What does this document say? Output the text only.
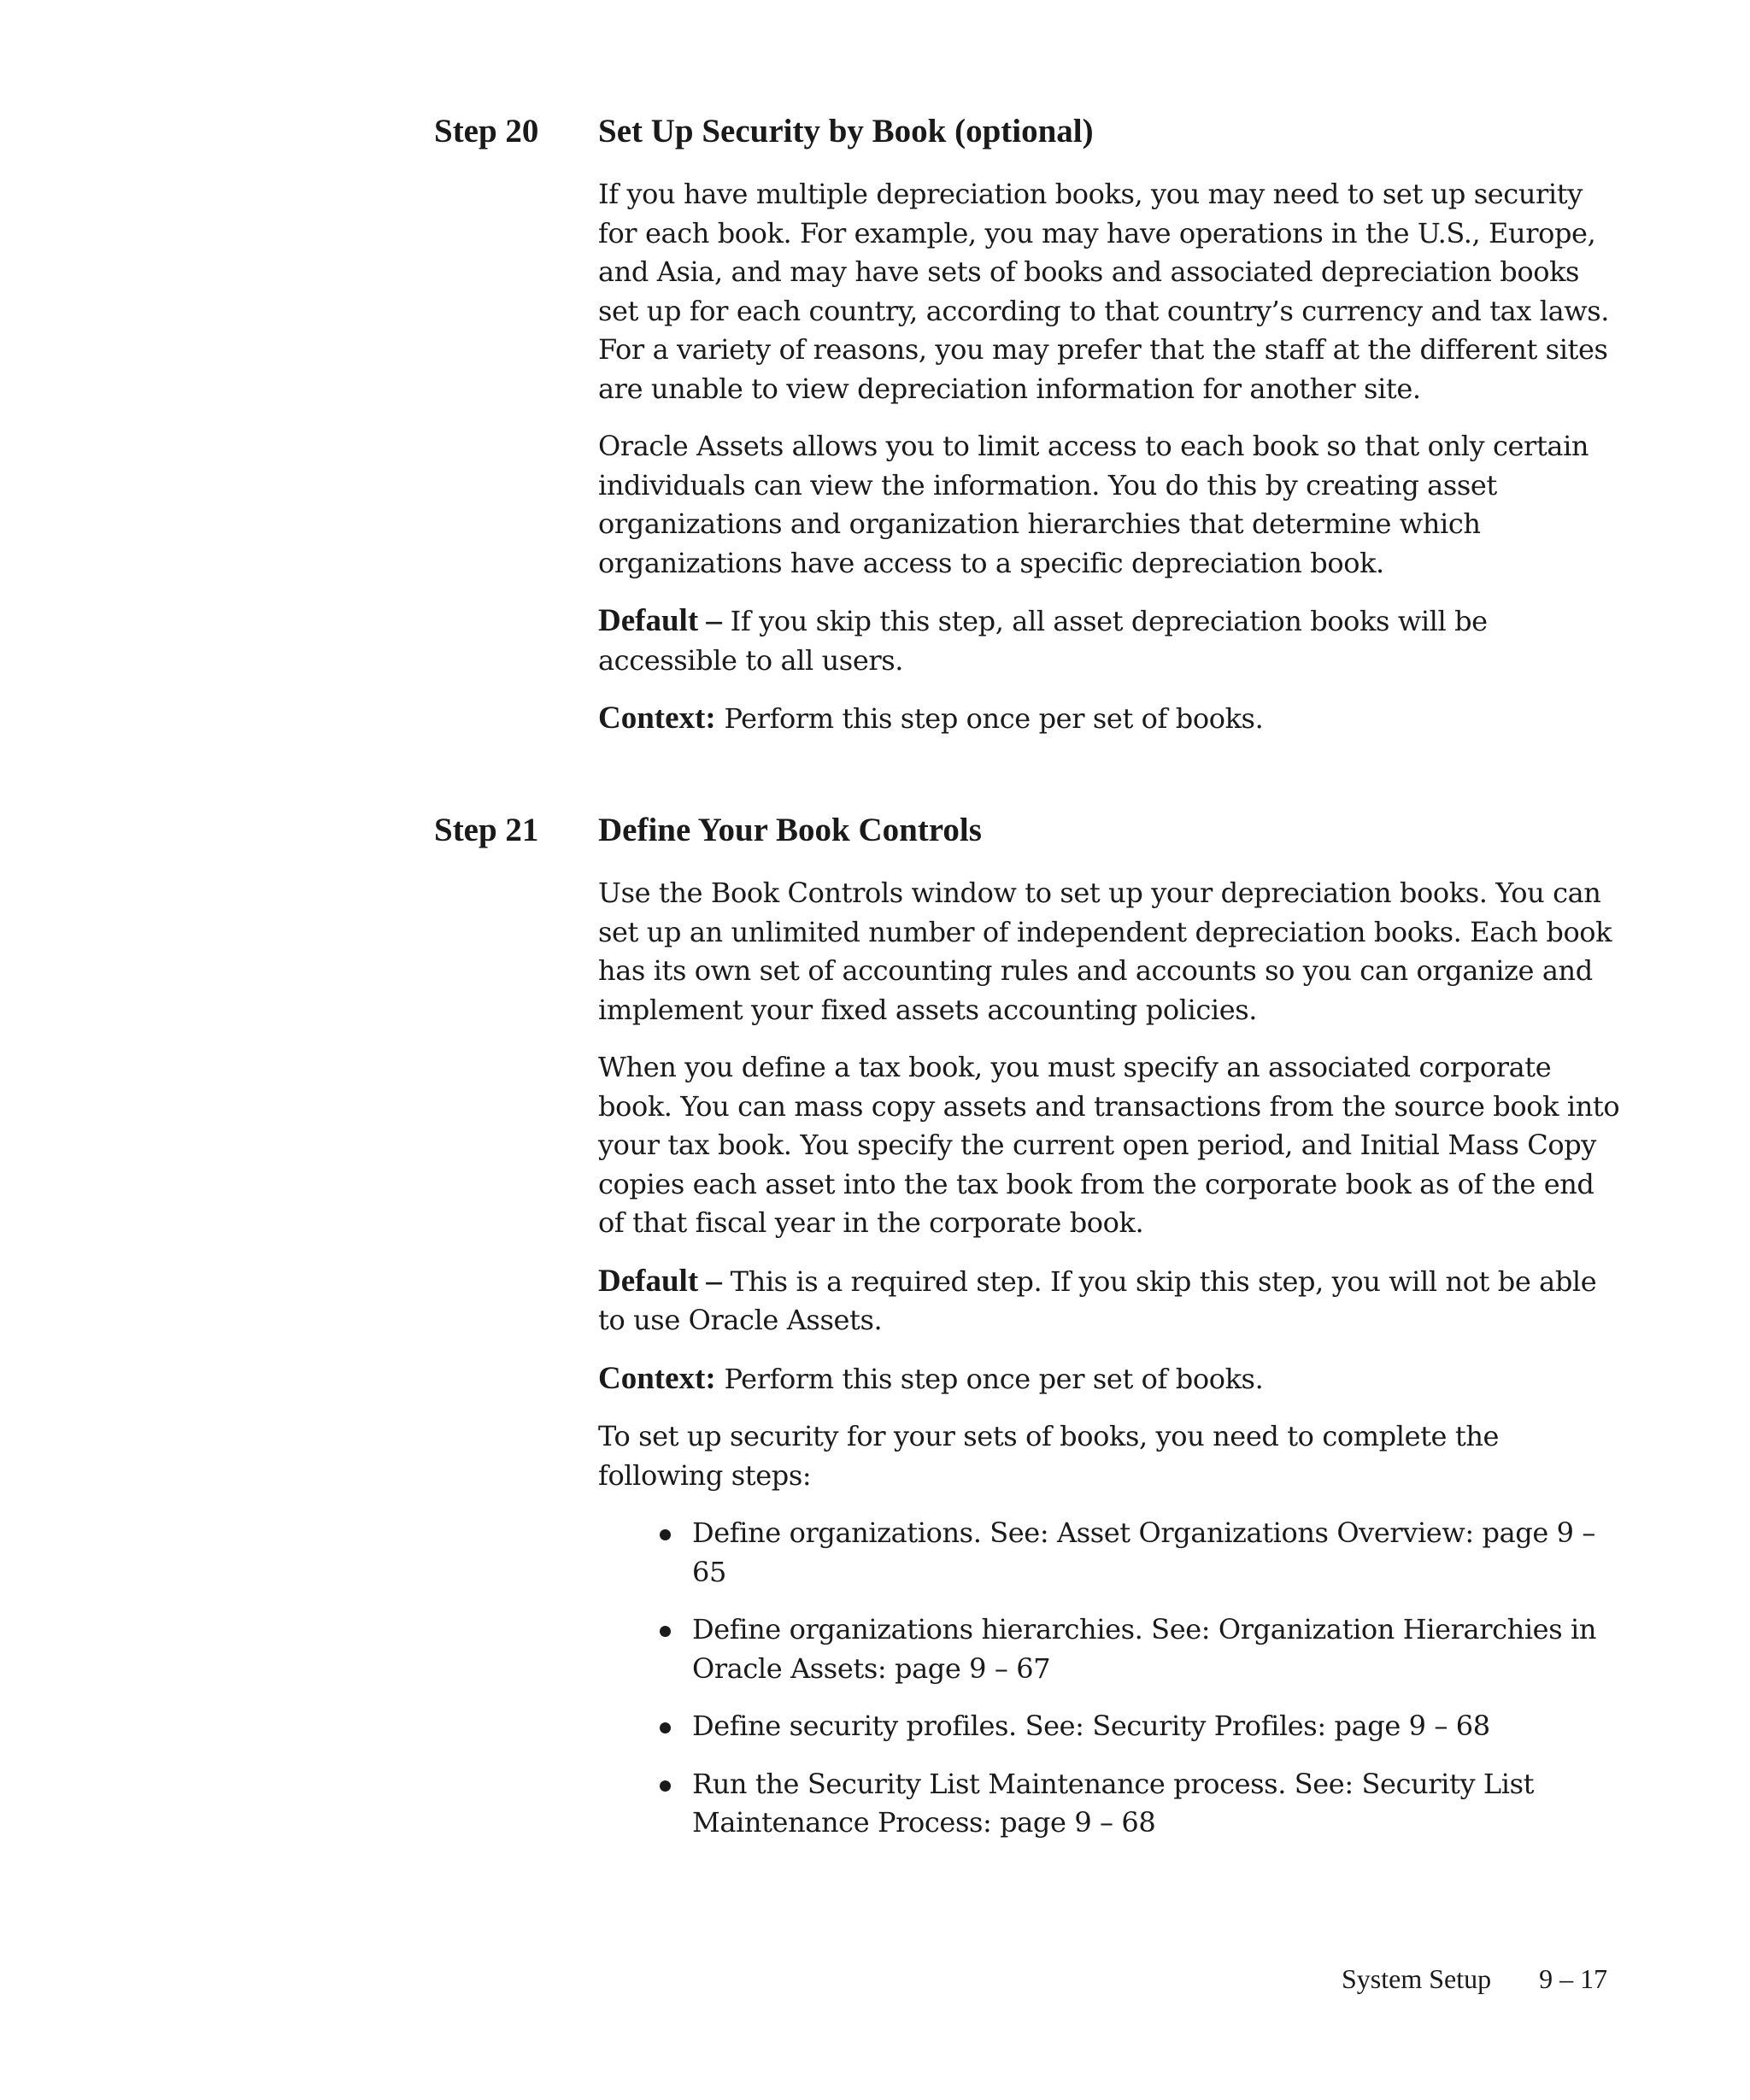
Step 20 Set Up Security by Book (optional)

If you have multiple depreciation books, you may need to set up security for each book. For example, you may have operations in the U.S., Europe, and Asia, and may have sets of books and associated depreciation books set up for each country, according to that country’s currency and tax laws. For a variety of reasons, you may prefer that the staff at the different sites are unable to view depreciation information for another site.

Oracle Assets allows you to limit access to each book so that only certain individuals can view the information. You do this by creating asset organizations and organization hierarchies that determine which organizations have access to a specific depreciation book.

Default – If you skip this step, all asset depreciation books will be accessible to all users.

Context: Perform this step once per set of books.

Step 21 Define Your Book Controls

Use the Book Controls window to set up your depreciation books. You can set up an unlimited number of independent depreciation books. Each book has its own set of accounting rules and accounts so you can organize and implement your fixed assets accounting policies.

When you define a tax book, you must specify an associated corporate book. You can mass copy assets and transactions from the source book into your tax book. You specify the current open period, and Initial Mass Copy copies each asset into the tax book from the corporate book as of the end of that fiscal year in the corporate book.

Default – This is a required step. If you skip this step, you will not be able to use Oracle Assets.

Context: Perform this step once per set of books.

To set up security for your sets of books, you need to complete the following steps:

Define organizations. See: Asset Organizations Overview: page 9 – 65
Define organizations hierarchies. See: Organization Hierarchies in Oracle Assets: page 9 – 67
Define security profiles. See: Security Profiles: page 9 – 68
Run the Security List Maintenance process. See: Security List Maintenance Process: page 9 – 68
System Setup 9 – 17
